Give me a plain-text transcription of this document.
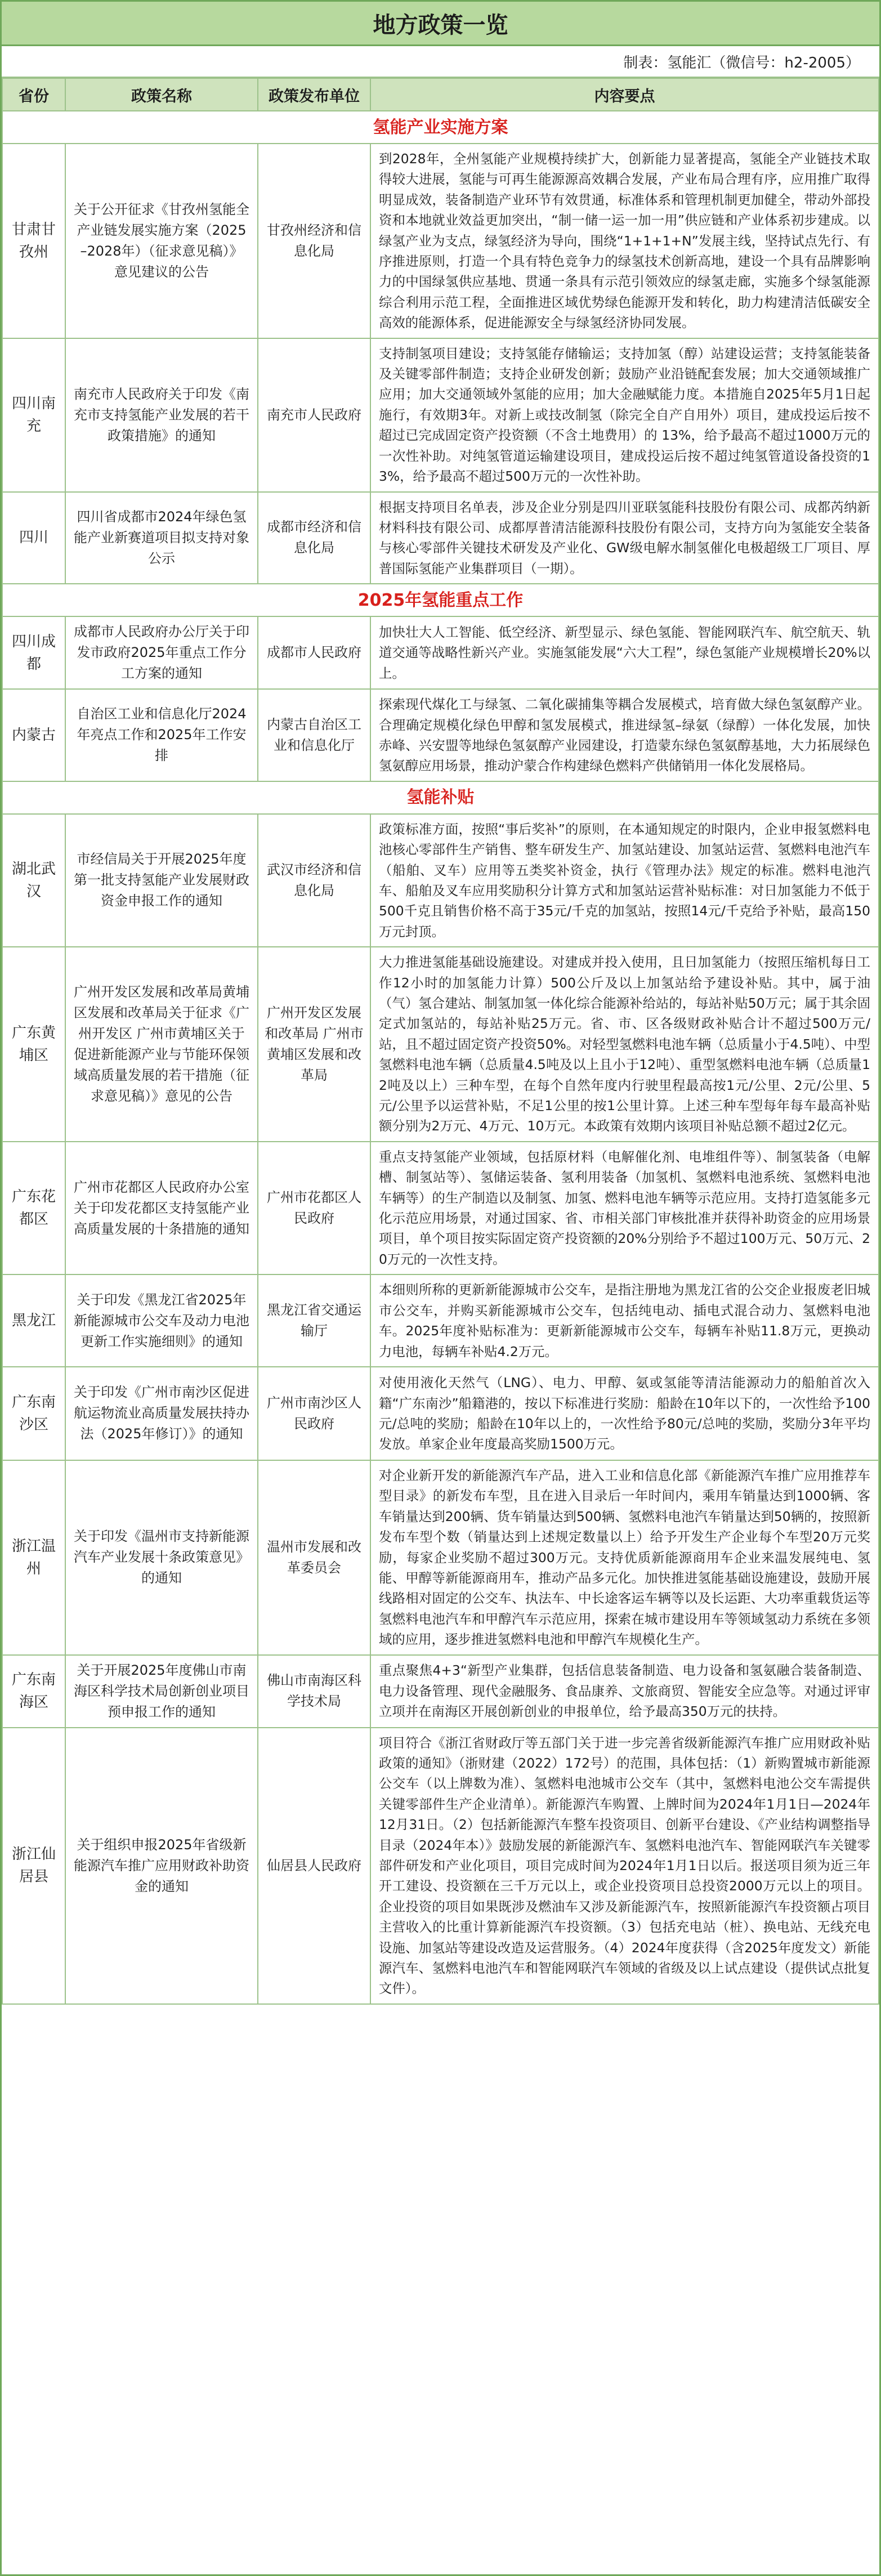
地方政策一览
制表：氢能汇（微信号：h2-2005）
省份	政策名称	政策发布单位	内容要点
氢能产业实施方案			
甘肃甘孜州	关于公开征求《甘孜州氢能全产业链发展实施方案（2025–2028年）（征求意见稿）》意见建议的公告	甘孜州经济和信息化局	到2028年，全州氢能产业规模持续扩大，创新能力显著提高，氢能全产业链技术取得较大进展，氢能与可再生能源源高效耦合发展，产业布局合理有序，应用推广取得明显成效，装备制造产业环节有效贯通，标准体系和管理机制更加健全，带动外部投资和本地就业效益更加突出，“制一储一运一加一用”供应链和产业体系初步建成。以绿氢产业为支点，绿氢经济为导向，围绕“1+1+1+N”发展主线，坚持试点先行、有序推进原则，打造一个具有特色竞争力的绿氢技术创新高地，建设一个具有品牌影响力的中国绿氢供应基地、贯通一条具有示范引领效应的绿氢走廊，实施多个绿氢能源综合利用示范工程，全面推进区域优势绿色能源开发和转化，助力构建清洁低碳安全高效的能源体系，促进能源安全与绿氢经济协同发展。
四川南充	南充市人民政府关于印发《南充市支持氢能产业发展的若干政策措施》的通知	南充市人民政府	支持制氢项目建设；支持氢能存储输运；支持加氢（醇）站建设运营；支持氢能装备及关键零部件制造；支持企业研发创新；鼓励产业沿链配套发展；加大交通领域推广应用；加大交通领域外氢能的应用；加大金融赋能力度。本措施自2025年5月1日起施行，有效期3年。对新上或技改制氢（除完全自产自用外）项目，建成投运后按不超过已完成固定资产投资额（不含土地费用）的 13%，给予最高不超过1000万元的一次性补助。对纯氢管道运输建设项目，建成投运后按不超过纯氢管道设备投资的13%，给予最高不超过500万元的一次性补助。
四川	四川省成都市2024年绿色氢能产业新赛道项目拟支持对象公示	成都市经济和信息化局	根据支持项目名单表，涉及企业分别是四川亚联氢能科技股份有限公司、成都芮纳新材料科技有限公司、成都厚普清洁能源科技股份有限公司，支持方向为氢能安全装备与核心零部件关键技术研发及产业化、GW级电解水制氢催化电极超级工厂项目、厚普国际氢能产业集群项目（一期）。
2025年氢能重点工作			
四川成都	成都市人民政府办公厅关于印发市政府2025年重点工作分工方案的通知	成都市人民政府	加快壮大人工智能、低空经济、新型显示、绿色氢能、智能网联汽车、航空航天、轨道交通等战略性新兴产业。实施氢能发展“六大工程”，绿色氢能产业规模增长20%以上。
内蒙古	自治区工业和信息化厅2024年亮点工作和2025年工作安排	内蒙古自治区工业和信息化厅	探索现代煤化工与绿氢、二氧化碳捕集等耦合发展模式，培育做大绿色氢氨醇产业。合理确定规模化绿色甲醇和氢发展模式，推进绿氢–绿氨（绿醇）一体化发展，加快赤峰、兴安盟等地绿色氢氨醇产业园建设，打造蒙东绿色氢氨醇基地，大力拓展绿色氢氨醇应用场景，推动沪蒙合作构建绿色燃料产供储销用一体化发展格局。
氢能补贴			
湖北武汉	市经信局关于开展2025年度第一批支持氢能产业发展财政资金申报工作的通知	武汉市经济和信息化局	政策标准方面，按照“事后奖补”的原则，在本通知规定的时限内，企业申报氢燃料电池核心零部件生产销售、整车研发生产、加氢站建设、加氢站运营、氢燃料电池汽车（船舶、叉车）应用等五类奖补资金，执行《管理办法》规定的标准。燃料电池汽车、船舶及叉车应用奖励积分计算方式和加氢站运营补贴标准：对日加氢能力不低于500千克且销售价格不高于35元/千克的加氢站，按照14元/千克给予补贴，最高150万元封顶。
广东黄埔区	广州开发区发展和改革局黄埔区发展和改革局关于征求《广州开发区 广州市黄埔区关于促进新能源产业与节能环保领域高质量发展的若干措施（征求意见稿）》意见的公告	广州开发区发展和改革局 广州市黄埔区发展和改革局	大力推进氢能基础设施建设。对建成并投入使用，且日加氢能力（按照压缩机每日工作12小时的加氢能力计算）500公斤及以上加氢站给予建设补贴。其中，属于油（气）氢合建站、制氢加氢一体化综合能源补给站的，每站补贴50万元；属于其余固定式加氢站的，每站补贴25万元。省、市、区各级财政补贴合计不超过500万元/站，且不超过固定资产投资50%。对轻型氢燃料电池车辆（总质量小于4.5吨）、中型氢燃料电池车辆（总质量4.5吨及以上且小于12吨）、重型氢燃料电池车辆（总质量12吨及以上）三种车型，在每个自然年度内行驶里程最高按1元/公里、2元/公里、5元/公里予以运营补贴，不足1公里的按1公里计算。上述三种车型每年每车最高补贴额分别为2万元、4万元、10万元。本政策有效期内该项目补贴总额不超过2亿元。
广东花都区	广州市花都区人民政府办公室关于印发花都区支持氢能产业高质量发展的十条措施的通知	广州市花都区人民政府	重点支持氢能产业领域，包括原材料（电解催化剂、电堆组件等）、制氢装备（电解槽、制氢站等）、氢储运装备、氢利用装备（加氢机、氢燃料电池系统、氢燃料电池车辆等）的生产制造以及制氢、加氢、燃料电池车辆等示范应用。支持打造氢能多元化示范应用场景，对通过国家、省、市相关部门审核批准并获得补助资金的应用场景项目，单个项目按实际固定资产投资额的20%分别给予不超过100万元、50万元、20万元的一次性支持。
黑龙江	关于印发《黑龙江省2025年新能源城市公交车及动力电池更新工作实施细则》的通知	黑龙江省交通运输厅	本细则所称的更新新能源城市公交车，是指注册地为黑龙江省的公交企业报废老旧城市公交车，并购买新能源城市公交车，包括纯电动、插电式混合动力、氢燃料电池车。2025年度补贴标准为：更新新能源城市公交车，每辆车补贴11.8万元，更换动力电池，每辆车补贴4.2万元。
广东南沙区	关于印发《广州市南沙区促进航运物流业高质量发展扶持办法（2025年修订）》的通知	广州市南沙区人民政府	对使用液化天然气（LNG）、电力、甲醇、氨或氢能等清洁能源动力的船舶首次入籍“广东南沙”船籍港的，按以下标准进行奖励：船龄在10年以下的，一次性给予100元/总吨的奖励；船龄在10年以上的，一次性给予80元/总吨的奖励，奖励分3年平均发放。单家企业年度最高奖励1500万元。
浙江温州	关于印发《温州市支持新能源汽车产业发展十条政策意见》的通知	温州市发展和改革委员会	对企业新开发的新能源汽车产品，进入工业和信息化部《新能源汽车推广应用推荐车型目录》的新发布车型，且在进入目录后一年时间内，乘用车销量达到1000辆、客车销量达到200辆、货车销量达到500辆、氢燃料电池汽车销量达到50辆的，按照新发布车型个数（销量达到上述规定数量以上）给予开发生产企业每个车型20万元奖励，每家企业奖励不超过300万元。支持优质新能源商用车企业来温发展纯电、氢能、甲醇等新能源商用车，推动产品多元化。加快推进氢能基础设施建设，鼓励开展线路相对固定的公交车、执法车、中长途客运车辆等以及长运距、大功率重载货运等氢燃料电池汽车和甲醇汽车示范应用，探索在城市建设用车等领域氢动力系统在多领域的应用，逐步推进氢燃料电池和甲醇汽车规模化生产。
广东南海区	关于开展2025年度佛山市南海区科学技术局创新创业项目预申报工作的通知	佛山市南海区科学技术局	重点聚焦4+3“新型产业集群，包括信息装备制造、电力设备和氢氨融合装备制造、电力设备管理、现代金融服务、食品康养、文旅商贸、智能安全应急等。对通过评审立项并在南海区开展创新创业的申报单位，给予最高350万元的扶持。
浙江仙居县	关于组织申报2025年省级新能源汽车推广应用财政补助资金的通知	仙居县人民政府	项目符合《浙江省财政厅等五部门关于进一步完善省级新能源汽车推广应用财政补贴政策的通知》（浙财建（2022）172号）的范围，具体包括：（1）新购置城市新能源公交车（以上牌数为准）、氢燃料电池城市公交车（其中，氢燃料电池公交车需提供关键零部件生产企业清单）。新能源汽车购置、上牌时间为2024年1月1日—2024年12月31日。（2）包括新能源汽车整车投资项目、创新平台建设、《产业结构调整指导目录（2024年本）》鼓励发展的新能源汽车、氢燃料电池汽车、智能网联汽车关键零部件研发和产业化项目，项目完成时间为2024年1月1日以后。报送项目须为近三年开工建设、投资额在三千万元以上，或企业投资项目总投资2000万元以上的项目。企业投资的项目如果既涉及燃油车又涉及新能源汽车，按照新能源汽车投资额占项目主营收入的比重计算新能源汽车投资额。（3）包括充电站（桩）、换电站、无线充电设施、加氢站等建设改造及运营服务。（4）2024年度获得（含2025年度发文）新能源汽车、氢燃料电池汽车和智能网联汽车领域的省级及以上试点建设（提供试点批复文件）。
